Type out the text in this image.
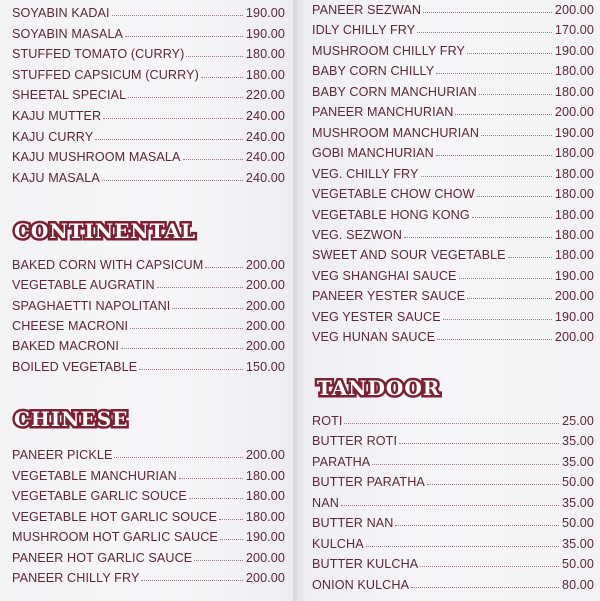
SOYABIN KADAI	190.00
SOYABIN MASALA	190.00
STUFFED TOMATO (CURRY)	180.00
STUFFED CAPSICUM (CURRY)	180.00
SHEETAL SPECIAL	220.00
KAJU MUTTER	240.00
KAJU CURRY	240.00
KAJU MUSHROOM MASALA	240.00
KAJU MASALA	240.00
CONTINENTAL
BAKED CORN WITH CAPSICUM	200.00
VEGETABLE AUGRATIN	200.00
SPAGHAETTI NAPOLITANI	200.00
CHEESE MACRONI	200.00
BAKED MACRONI	200.00
BOILED VEGETABLE	150.00
CHINESE
PANEER PICKLE	200.00
VEGETABLE MANCHURIAN	180.00
VEGETABLE GARLIC SOUCE	180.00
VEGETABLE HOT GARLIC SOUCE 180.00
MUSHROOM HOT GARLIC SAUCE 190.00
PANEER HOT GARLIC SAUCE	200.00
PANEER CHILLY FRY	200.00
PANEER SEZWAN	200.00
IDLY CHILLY FRY	170.00
MUSHROOM CHILLY FRY	190.00
BABY CORN CHILLY	180.00
BABY CORN MANCHURIAN	180.00
PANEER MANCHURIAN	200.00
MUSHROOM MANCHURIAN	190.00
GOBI MANCHURIAN	180.00
VEG. CHILLY FRY	180.00
VEGETABLE CHOW CHOW	180.00
VEGETABLE HONG KONG	180.00
VEG. SEZWON	180.00
SWEET AND SOUR VEGETABLE	180.00
VEG SHANGHAI SAUCE	190.00
PANEER YESTER SAUCE	200.00
VEG YESTER SAUCE	190.00
VEG HUNAN SAUCE	200.00
TANDOOR
ROTI	25.00
BUTTER ROTI	35.00
PARATHA	35.00
BUTTER PARATHA	50.00
NAN	35.00
BUTTER NAN	50.00
KULCHA	35.00
BUTTER KULCHA	50.00
ONION KULCHA	80.00
